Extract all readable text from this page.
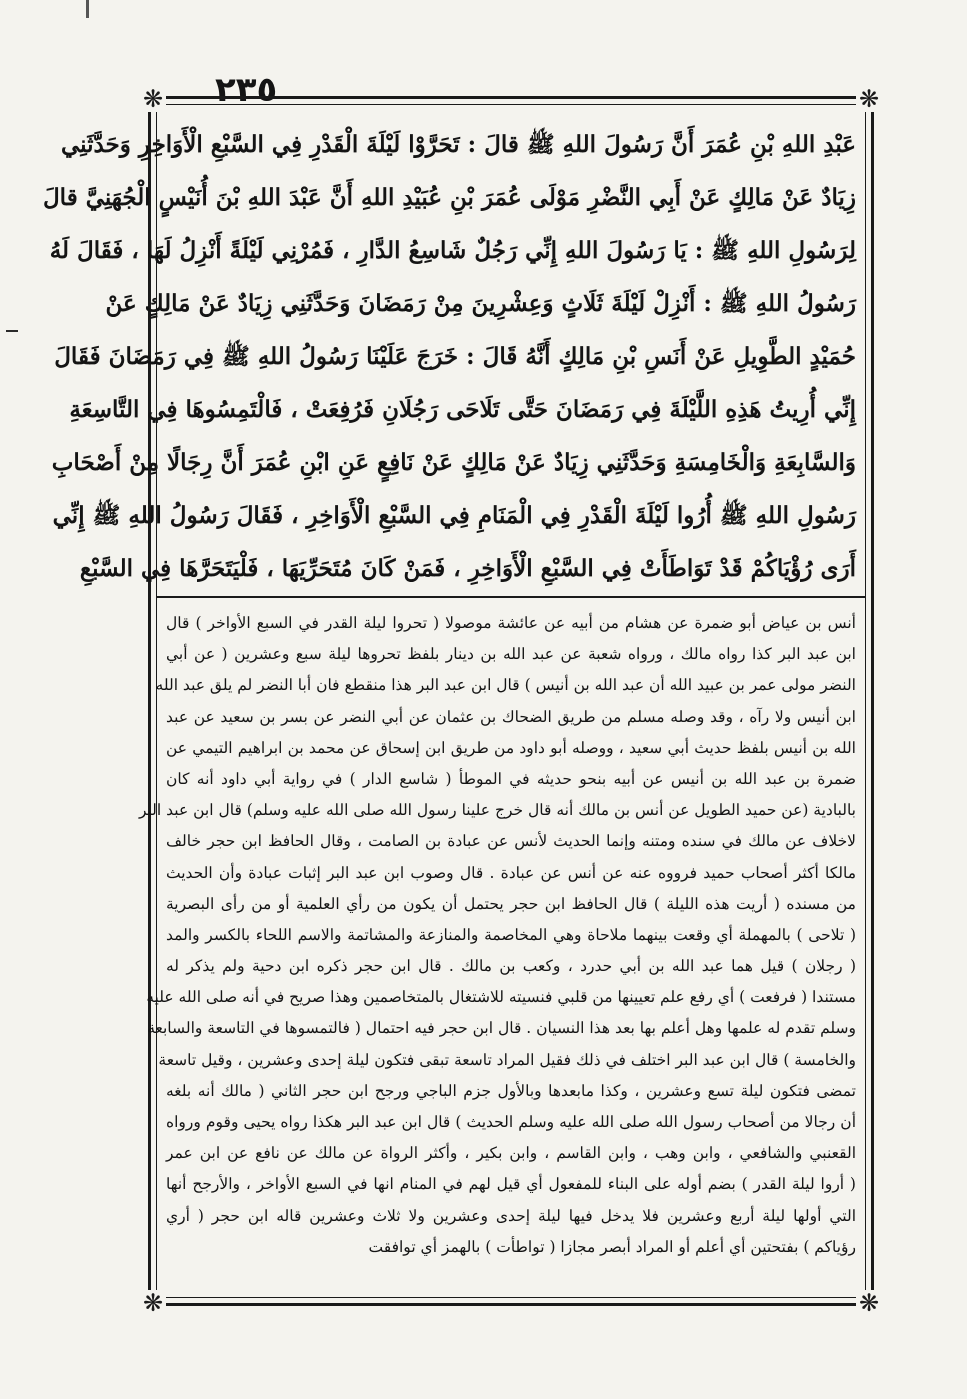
٢٣٥
❋	❋
❋	❋
عَبْدِ اللهِ بْنِ عُمَرَ أَنَّ رَسُولَ اللهِ ﷺ قالَ : تَحَرَّوْا لَيْلَةَ الْقَدْرِ فِي السَّبْعِ الْأَوَاخِرِ وَحَدَّثَنِي
زِيَادٌ عَنْ مَالِكٍ عَنْ أَبِي النَّضْرِ مَوْلَى عُمَرَ بْنِ عُبَيْدِ اللهِ أَنَّ عَبْدَ اللهِ بْنَ أُنَيْسٍ الْجُهَنِيَّ قالَ
لِرَسُولِ اللهِ ﷺ : يَا رَسُولَ اللهِ إِنِّي رَجُلٌ شَاسِعُ الدَّارِ ، فَمُرْنِي لَيْلَةً أَنْزِلُ لَهَا ، فَقَالَ لَهُ
رَسُولُ اللهِ ﷺ : أَنْزِلْ لَيْلَةَ ثَلَاثٍ وَعِشْرِينَ مِنْ رَمَضَانَ وَحَدَّثَنِي زِيَادٌ عَنْ مَالِكٍ عَنْ
حُمَيْدٍ الطَّوِيلِ عَنْ أَنَسِ بْنِ مَالِكٍ أَنَّهُ قَالَ : خَرَجَ عَلَيْنَا رَسُولُ اللهِ ﷺ فِي رَمَضَانَ فَقَالَ
إِنِّي أُرِيتُ هَذِهِ اللَّيْلَةَ فِي رَمَضَانَ حَتَّى تَلَاحَى رَجُلَانِ فَرُفِعَتْ ، فَالْتَمِسُوهَا فِي التَّاسِعَةِ
وَالسَّابِعَةِ وَالْخَامِسَةِ وَحَدَّثَنِي زِيَادٌ عَنْ مَالِكٍ عَنْ نَافِعٍ عَنِ ابْنِ عُمَرَ أَنَّ رِجَالًا مِنْ أَصْحَابِ
رَسُولِ اللهِ ﷺ أُرُوا لَيْلَةَ الْقَدْرِ فِي الْمَنَامِ فِي السَّبْعِ الْأَوَاخِرِ ، فَقَالَ رَسُولُ اللهِ ﷺ إِنِّي
أَرَى رُؤْيَاكُمْ قَدْ تَوَاطَأَتْ فِي السَّبْعِ الْأَوَاخِرِ ، فَمَنْ كَانَ مُتَحَرِّيَهَا ، فَلْيَتَحَرَّهَا فِي السَّبْعِ
أنس بن عياض أبو ضمرة عن هشام من أبيه عن عائشة موصولا ( تحروا ليلة القدر في السبع الأواخر ) قال
ابن عبد البر كذا رواه مالك ، ورواه شعبة عن عبد الله بن دينار بلفظ تحروها ليلة سبع وعشرين ( عن أبي
النضر مولى عمر بن عبيد الله أن عبد الله بن أنيس ) قال ابن عبد البر هذا منقطع فان أبا النضر لم يلق عبد الله
ابن أنيس ولا رآه ، وقد وصله مسلم من طريق الضحاك بن عثمان عن أبي النضر عن بسر بن سعيد عن عبد
الله بن أنيس بلفظ حديث أبي سعيد ، ووصله أبو داود من طريق ابن إسحاق عن محمد بن ابراهيم التيمي عن
ضمرة بن عبد الله بن أنيس عن أبيه بنحو حديثه في الموطأ ( شاسع الدار ) في رواية أبي داود أنه كان
بالبادية (عن حميد الطويل عن أنس بن مالك أنه قال خرج علينا رسول الله صلى الله عليه وسلم) قال ابن عبد البر
لاخلاف عن مالك في سنده ومتنه وإنما الحديث لأنس عن عبادة بن الصامت ، وقال الحافظ ابن حجر خالف
مالكا أكثر أصحاب حميد فرووه عنه عن أنس عن عبادة . قال وصوب ابن عبد البر إثبات عبادة وأن الحديث
من مسنده ( أريت هذه الليلة ) قال الحافظ ابن حجر يحتمل أن يكون من رأي العلمية أو من رأى البصرية
( تلاحى ) بالمهملة أي وقعت بينهما ملاحاة وهي المخاصمة والمنازعة والمشاتمة والاسم اللحاء بالكسر والمد
( رجلان ) قيل هما عبد الله بن أبي حدرد ، وكعب بن مالك . قال ابن حجر ذكره ابن دحية ولم يذكر له
مستندا ( فرفعت ) أي رفع علم تعيينها من قلبي فنسيته للاشتغال بالمتخاصمين وهذا صريح في أنه صلى الله عليه
وسلم تقدم له علمها وهل أعلم بها بعد هذا النسيان . قال ابن حجر فيه احتمال ( فالتمسوها في التاسعة والسابعة
والخامسة ) قال ابن عبد البر اختلف في ذلك فقيل المراد تاسعة تبقى فتكون ليلة إحدى وعشرين ، وقيل تاسعة
تمضى فتكون ليلة تسع وعشرين ، وكذا مابعدها وبالأول جزم الباجي ورجح ابن حجر الثاني ( مالك أنه بلغه
أن رجالا من أصحاب رسول الله صلى الله عليه وسلم الحديث ) قال ابن عبد البر هكذا رواه يحيى وقوم ورواه
القعنبي والشافعي ، وابن وهب ، وابن القاسم ، وابن بكير ، وأكثر الرواة عن مالك عن نافع عن ابن عمر
( أروا ليلة القدر ) بضم أوله على البناء للمفعول أي قيل لهم في المنام انها في السبع الأواخر ، والأرجح أنها
التي أولها ليلة أربع وعشرين فلا يدخل فيها ليلة إحدى وعشرين ولا ثلاث وعشرين قاله ابن حجر ( أري
رؤياكم ) بفتحتين أي أعلم أو المراد أبصر مجازا ( تواطأت ) بالهمز أي توافقت
